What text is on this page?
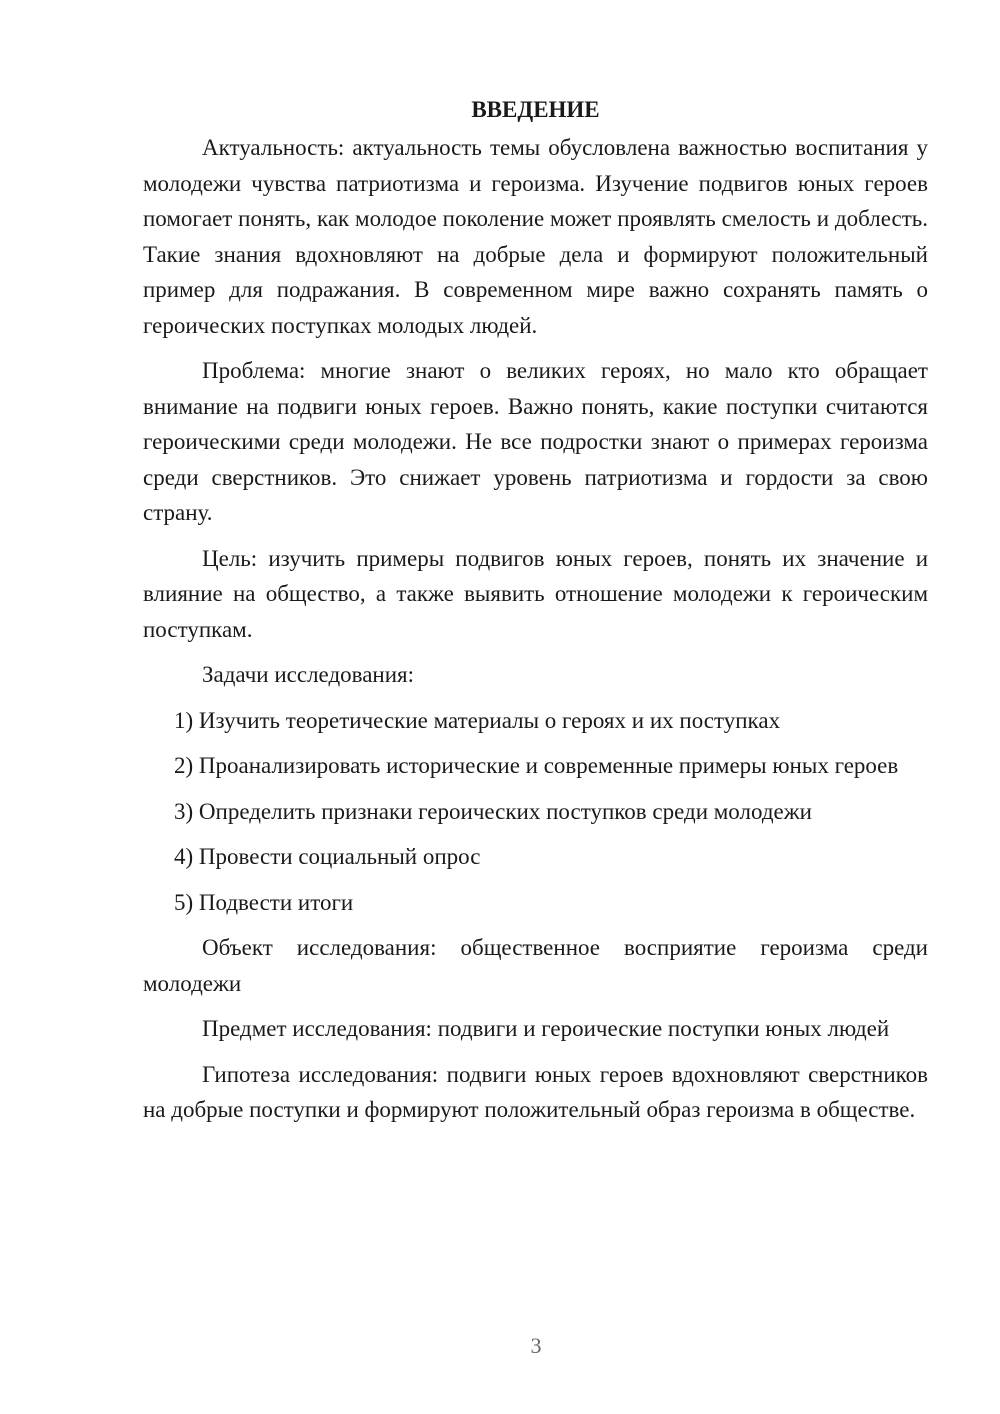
ВВЕДЕНИЕ

Актуальность: актуальность темы обусловлена важностью воспитания у молодежи чувства патриотизма и героизма. Изучение подвигов юных героев помогает понять, как молодое поколение может проявлять смелость и доблесть. Такие знания вдохновляют на добрые дела и формируют положительный пример для подражания. В современном мире важно сохранять память о героических поступках молодых людей.

Проблема: многие знают о великих героях, но мало кто обращает внимание на подвиги юных героев. Важно понять, какие поступки считаются героическими среди молодежи. Не все подростки знают о примерах героизма среди сверстников. Это снижает уровень патриотизма и гордости за свою страну.

Цель: изучить примеры подвигов юных героев, понять их значение и влияние на общество, а также выявить отношение молодежи к героическим поступкам.

Задачи исследования:

1) Изучить теоретические материалы о героях и их поступках

2) Проанализировать исторические и современные примеры юных героев

3) Определить признаки героических поступков среди молодежи

4) Провести социальный опрос

5) Подвести итоги

Объект исследования: общественное восприятие героизма среди молодежи

Предмет исследования: подвиги и героические поступки юных людей

Гипотеза исследования: подвиги юных героев вдохновляют сверстников на добрые поступки и формируют положительный образ героизма в обществе.

3
